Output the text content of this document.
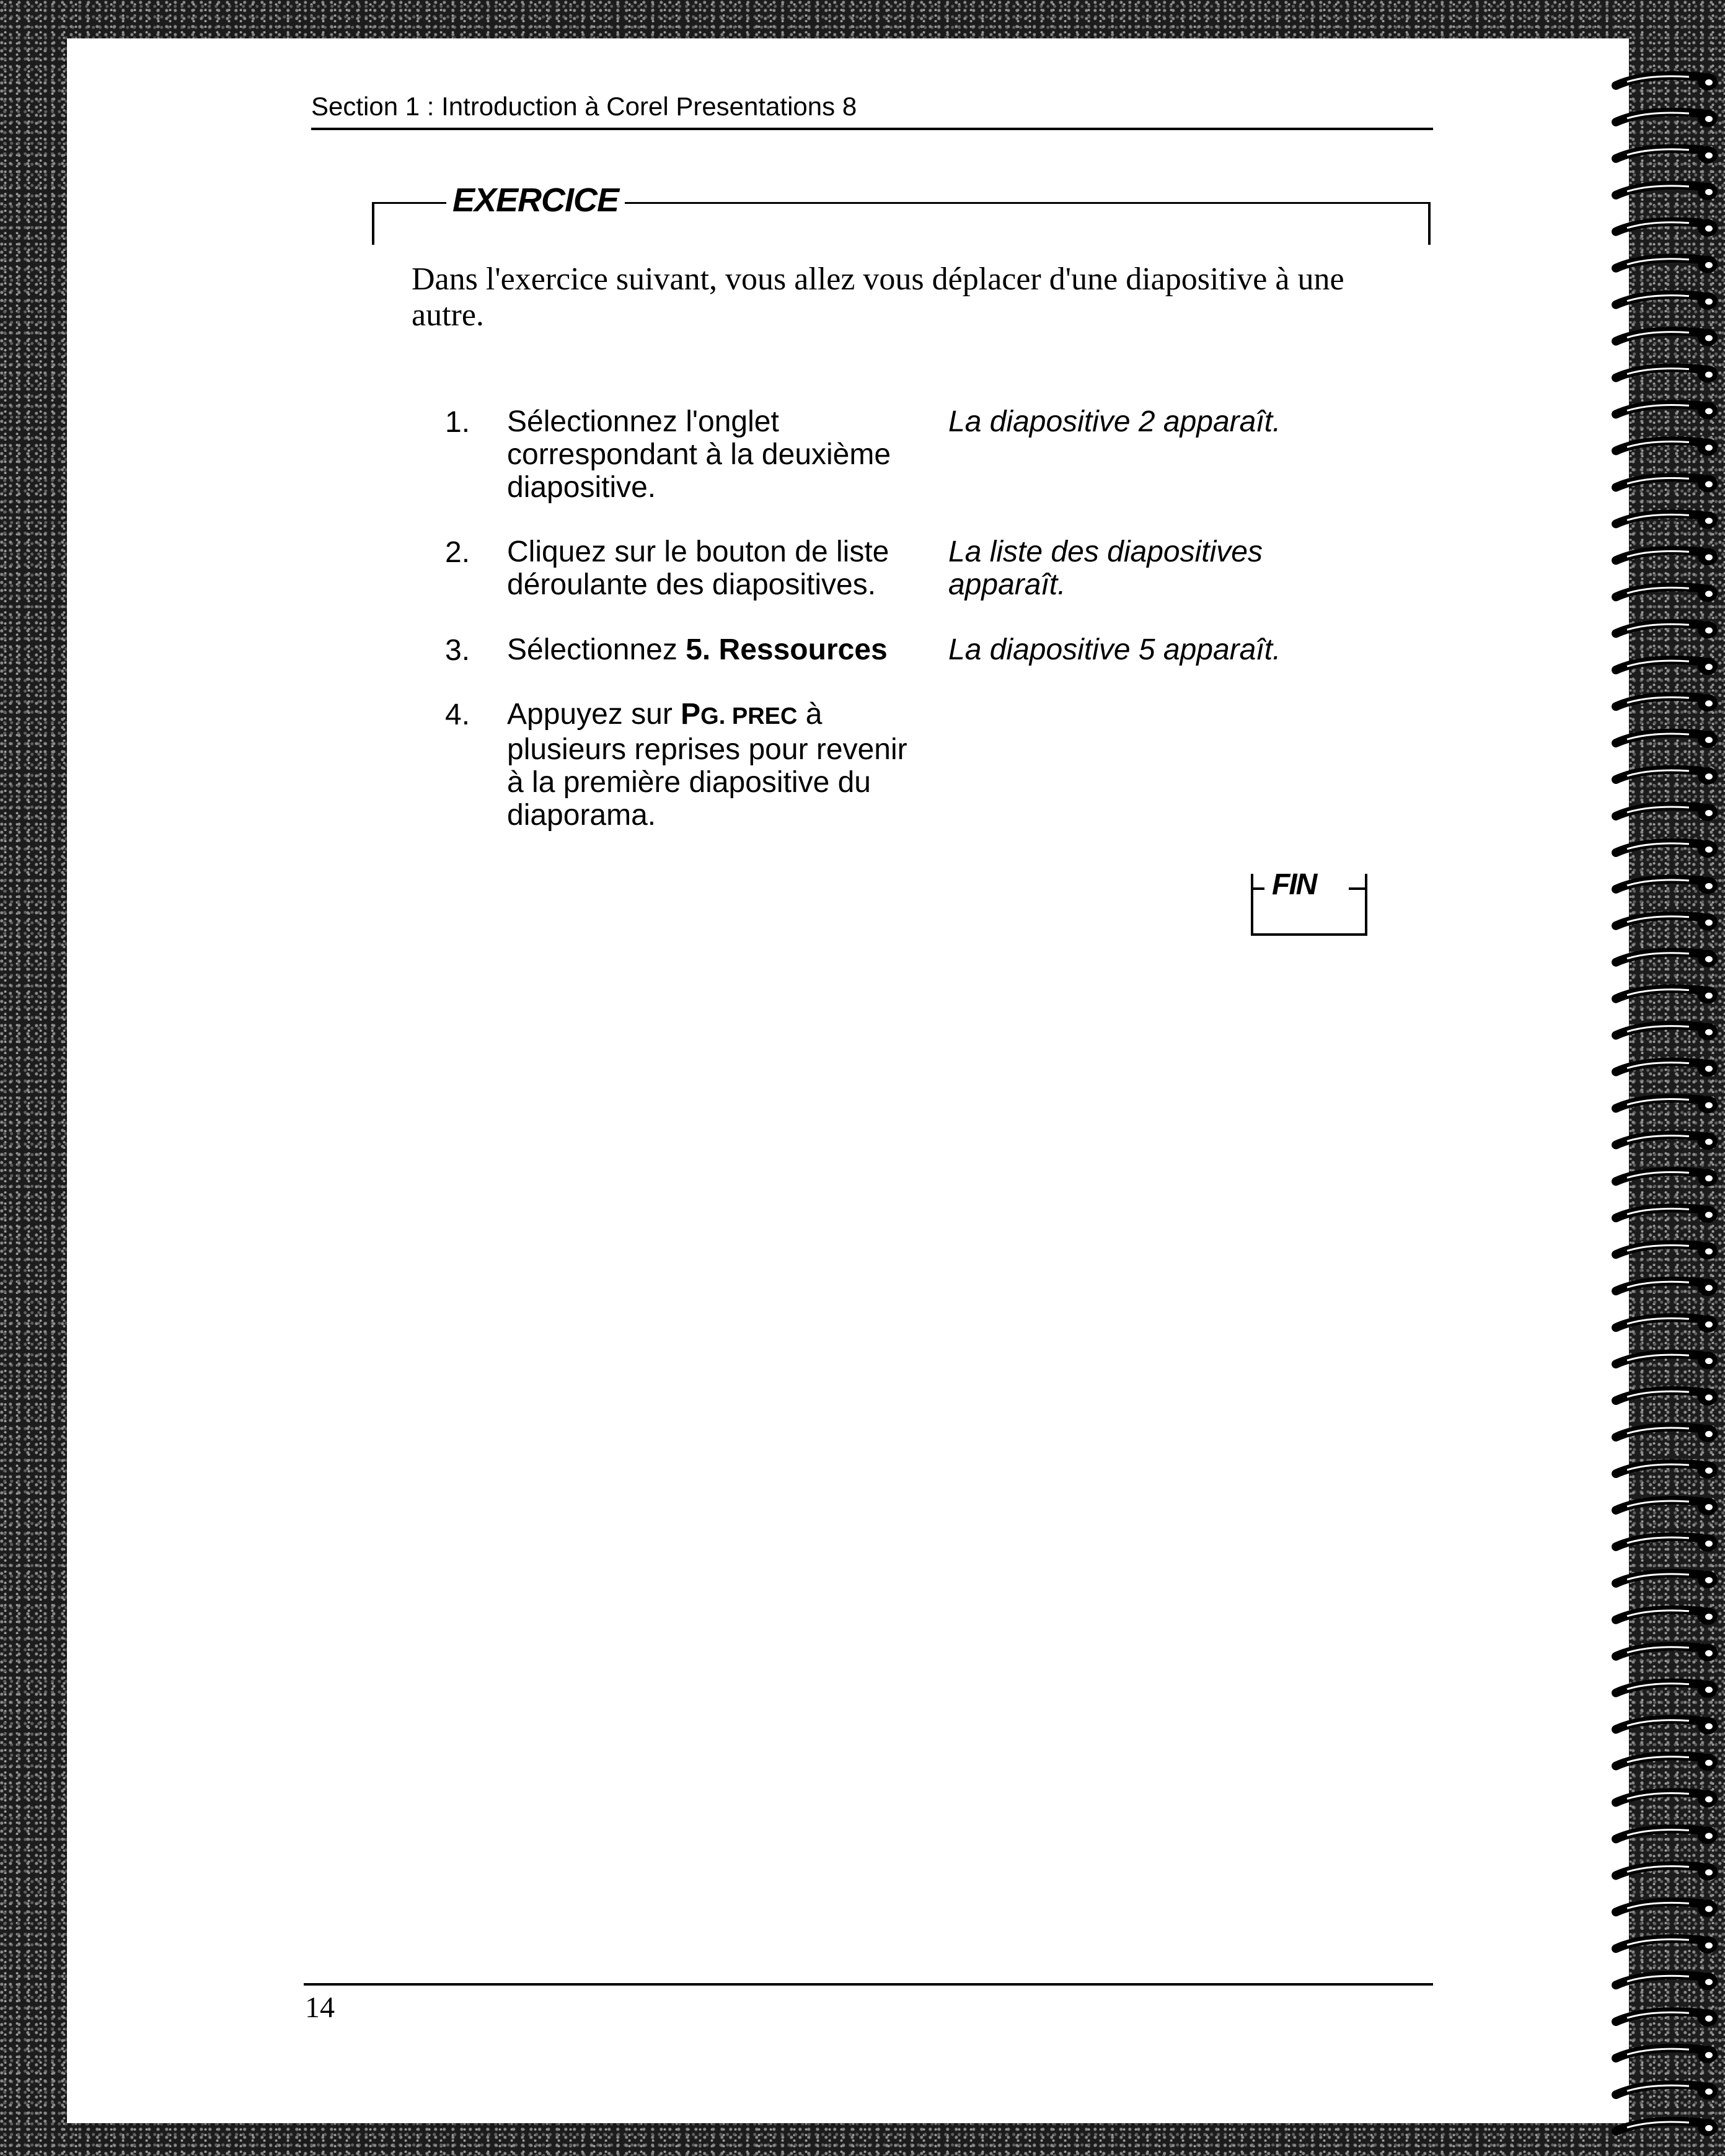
Section 1 : Introduction à Corel Presentations 8
EXERCICE
Dans l'exercice suivant, vous allez vous déplacer d'une diapositive à une autre.
1. Sélectionnez l'onglet correspondant à la deuxième diapositive.
La diapositive 2 apparaît.
2. Cliquez sur le bouton de liste déroulante des diapositives.
La liste des diapositives apparaît.
3. Sélectionnez 5. Ressources	La diapositive 5 apparaît.
4. Appuyez sur PG. PREC à plusieurs reprises pour revenir à la première diapositive du diaporama.
FIN
14
